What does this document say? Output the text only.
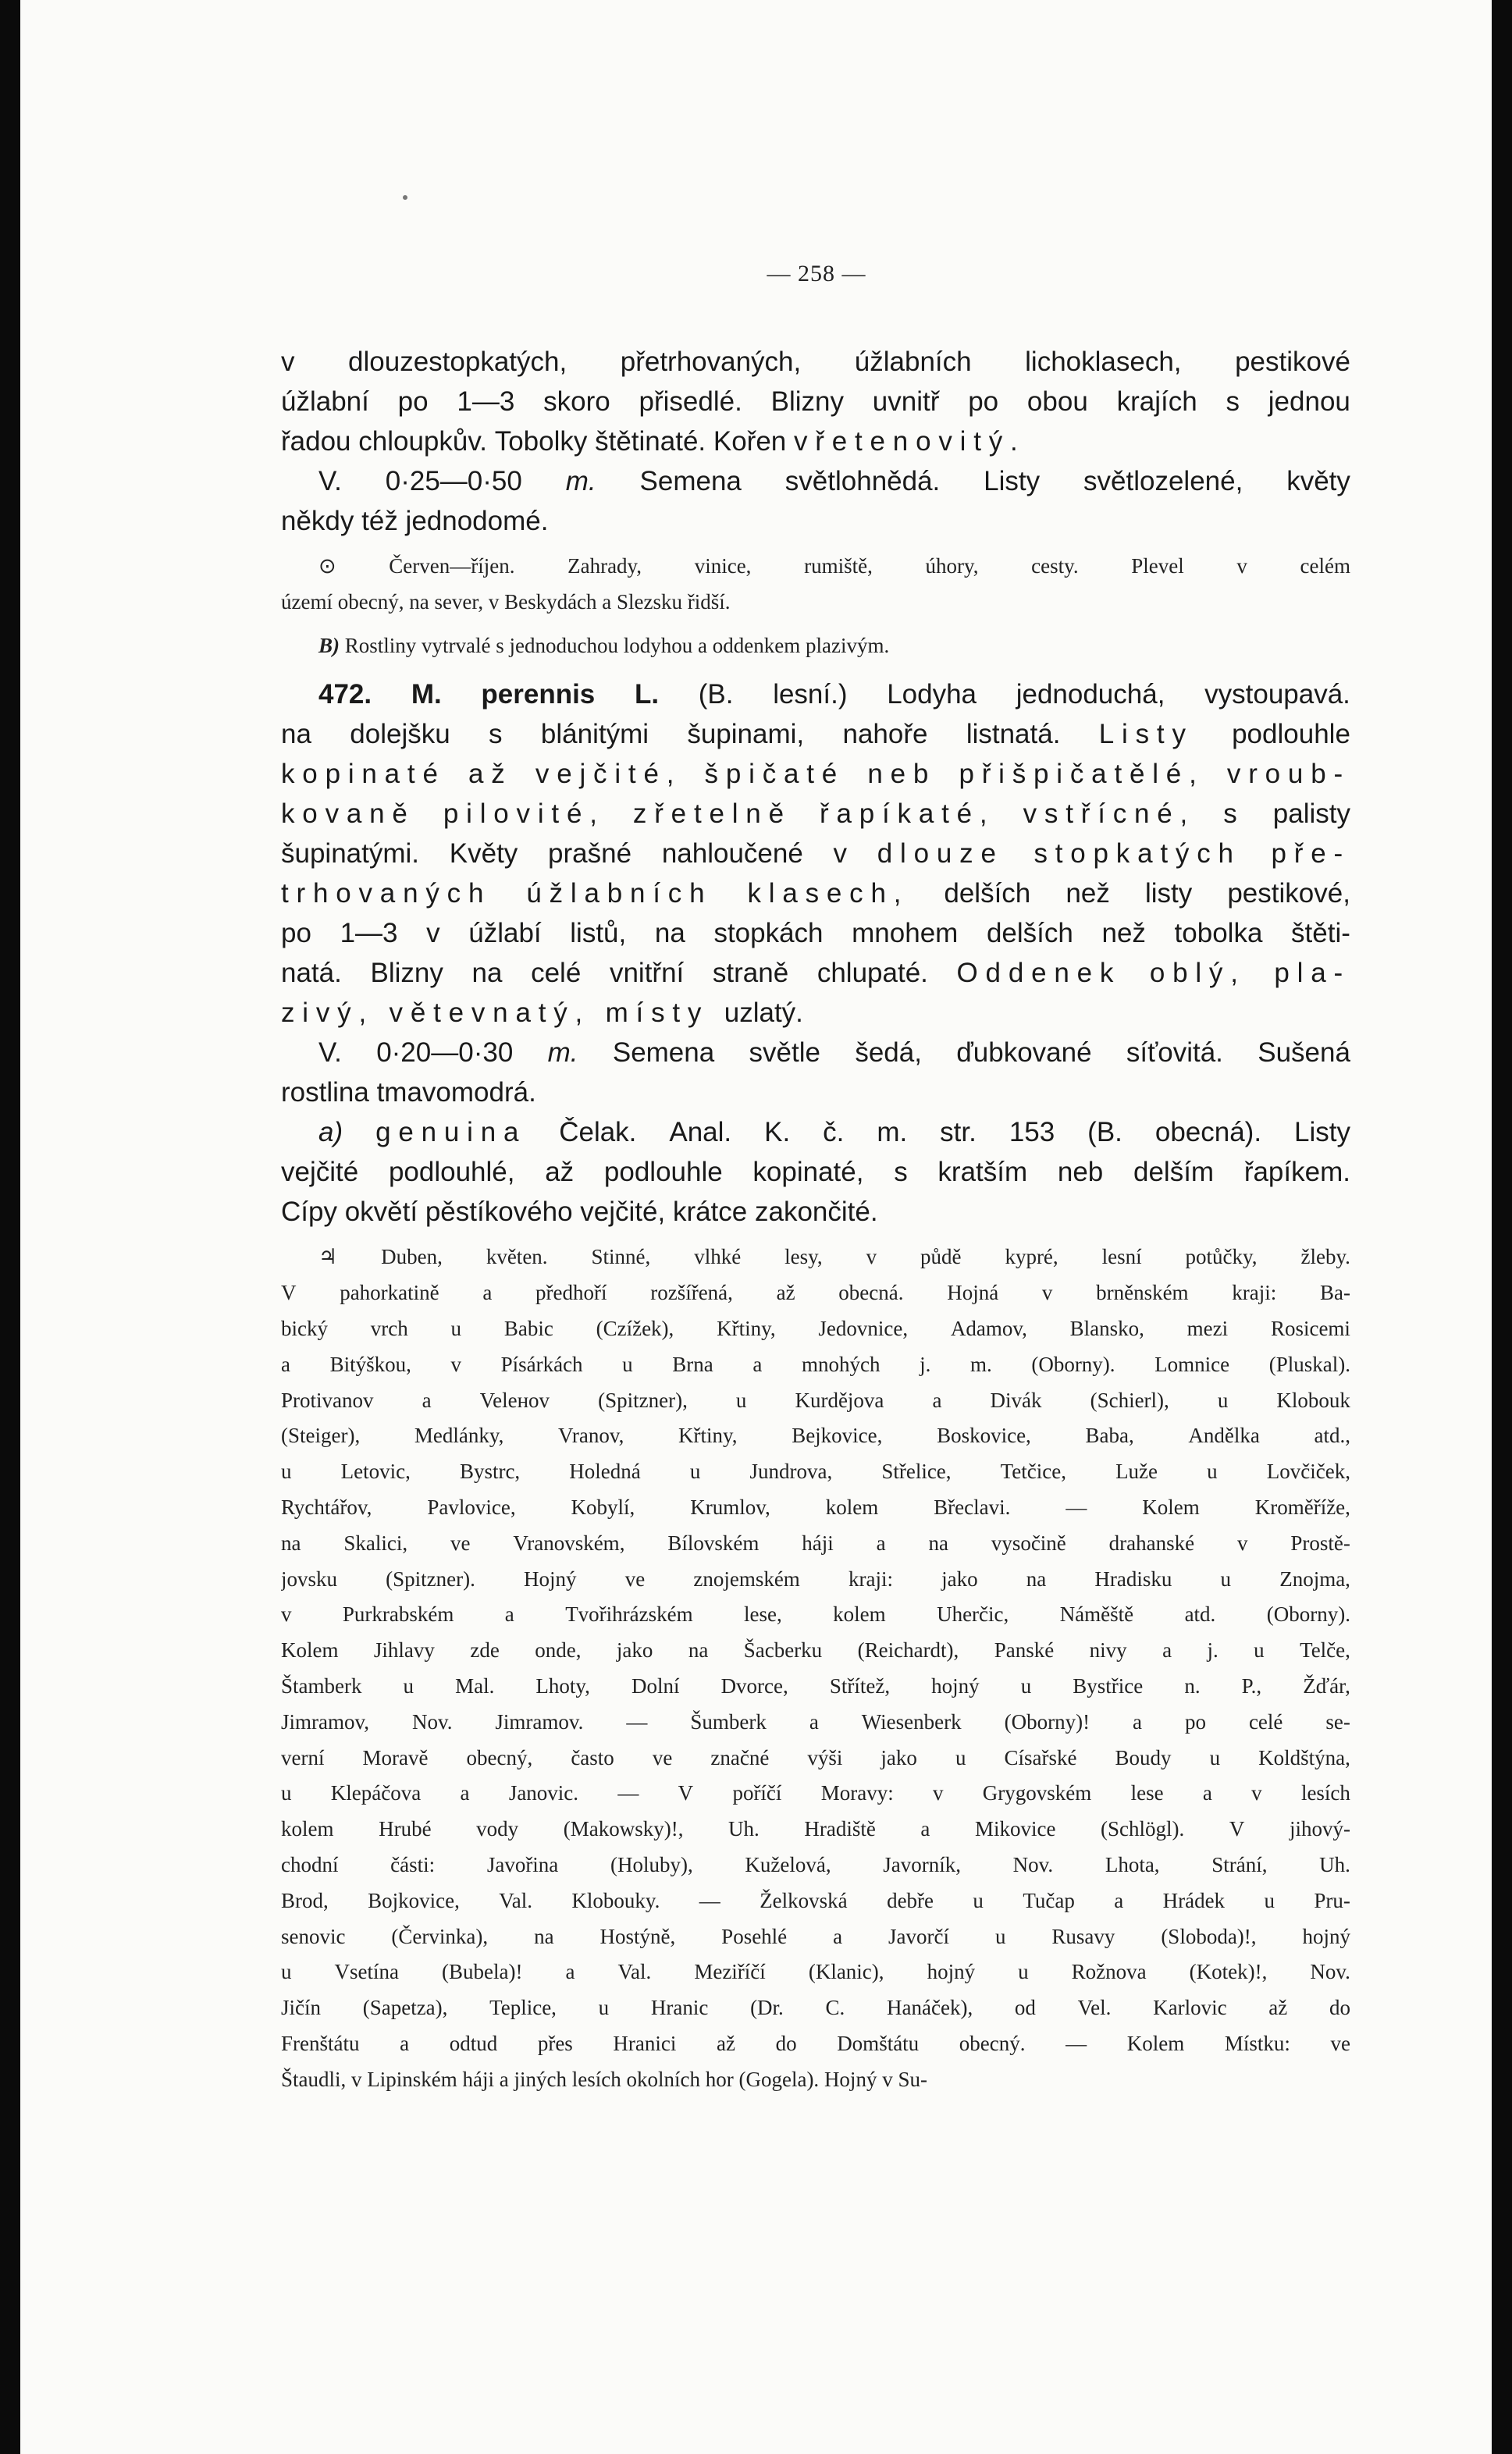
— 258 —
v dlouzestopkatých, přetrhovaných, úžlabních lichoklasech, pestikové
úžlabní po 1—3 skoro přisedlé. Blizny uvnitř po obou krajích s jednou
řadou chloupkův. Tobolky štětinaté. Kořen vřetenovitý.
V. 0·25—0·50 m. Semena světlohnědá. Listy světlozelené, květy
někdy též jednodomé.
⊙	Červen—říjen.	Zahrady,	vinice,	rumiště,	úhory,	cesty.	Plevel	v	celém
území obecný, na sever, v Beskydách a Slezsku řidší.
B) Rostliny vytrvalé s jednoduchou lodyhou a oddenkem plazivým.
472. M. perennis L. (B. lesní.) Lodyha jednoduchá, vystoupavá.
na dolejšku s blánitými šupinami, nahoře listnatá. Listy podlouhle
kopinaté až vejčité, špičaté neb přišpičatělé, vroub-
kovaně pilovité, zřetelně řapíkaté, vstřícné, s palisty
šupinatými. Květy prašné nahloučené v dlouze stopkatých pře-
trhovaných úžlabních klasech, delších než listy pestikové,
po 1—3 v úžlabí listů, na stopkách mnohem delších než tobolka štěti-
natá. Blizny na celé vnitřní straně chlupaté. Oddenek oblý, pla-
zivý, větevnatý, místy uzlatý.
V. 0·20—0·30 m. Semena světle šedá, ďubkované síťovitá. Sušená
rostlina tmavomodrá.
a) genuina Čelak. Anal. K. č. m. str. 153 (B. obecná). Listy
vejčité podlouhlé, až podlouhle kopinaté, s kratším neb delším řapíkem.
Cípy okvětí pěstíkového vejčité, krátce zakončité.
♃ Duben, květen. Stinné, vlhké lesy, v půdě kypré, lesní potůčky, žleby.
V pahorkatině a předhoří rozšířená, až obecná. Hojná v brněnském kraji: Ba-
bický vrch u Babic (Czížek), Křtiny, Jedovnice, Adamov, Blansko, mezi Rosicemi
a Bitýškou, v Písárkách u Brna a mnohých j. m. (Oborny). Lomnice (Pluskal).
Protivanov a Veleнov (Spitzner), u Kurdějova a Divák (Schierl), u Klobouk
(Steiger),	Medlánky,	Vranov,	Křtiny,	Bejkovice,	Boskovice,	Baba,	Andělka	atd.,
u Letovic, Bystrc, Holedná u Jundrova, Střelice, Tetčice, Luže u Lovčiček,
Rychtářov,	Pavlovice,	Kobylí,	Krumlov,	kolem	Břeclavi.	—	Kolem	Kroměříže,
na Skalici, ve Vranovském, Bílovském háji a na vysočině drahanské v Prostě-
jovsku (Spitzner). Hojný ve znojemském kraji: jako na Hradisku u Znojma,
v Purkrabském a Tvořihrázském lese, kolem Uherčic, Náměště atd. (Oborny).
Kolem Jihlavy zde onde, jako na Šacberku (Reichardt), Panské nivy a j. u Telče,
Štamberk u Mal. Lhoty, Dolní Dvorce, Střítež, hojný u Bystřice n. P., Žďár,
Jimramov, Nov. Jimramov. — Šumberk a Wiesenberk (Oborny)! a po celé se-
verní Moravě obecný, často ve značné výši jako u Císařské Boudy u Koldštýna,
u Klepáčova a Janovic. — V poříčí Moravy: v Grygovském lese a v lesích
kolem Hrubé vody (Makowsky)!, Uh. Hradiště a Mikovice (Schlögl). V jihový-
chodní části: Javořina (Holuby), Kuželová, Javorník, Nov. Lhota, Strání, Uh.
Brod, Bojkovice, Val. Klobouky. — Želkovská debře u Tučap a Hrádek u Pru-
senovic (Červinka), na Hostýně, Posehlé a Javorčí u Rusavy (Sloboda)!, hojný
u Vsetína (Bubela)! a Val. Meziříčí (Klanic), hojný u Rožnova (Kotek)!, Nov.
Jičín (Sapetza), Teplice, u Hranic (Dr. C. Hanáček), od Vel. Karlovic až do
Frenštátu a odtud přes Hranici až do Domštátu obecný. — Kolem Místku: ve
Štaudli, v Lipinském háji a jiných lesích okolních hor (Gogela). Hojný v Su-
